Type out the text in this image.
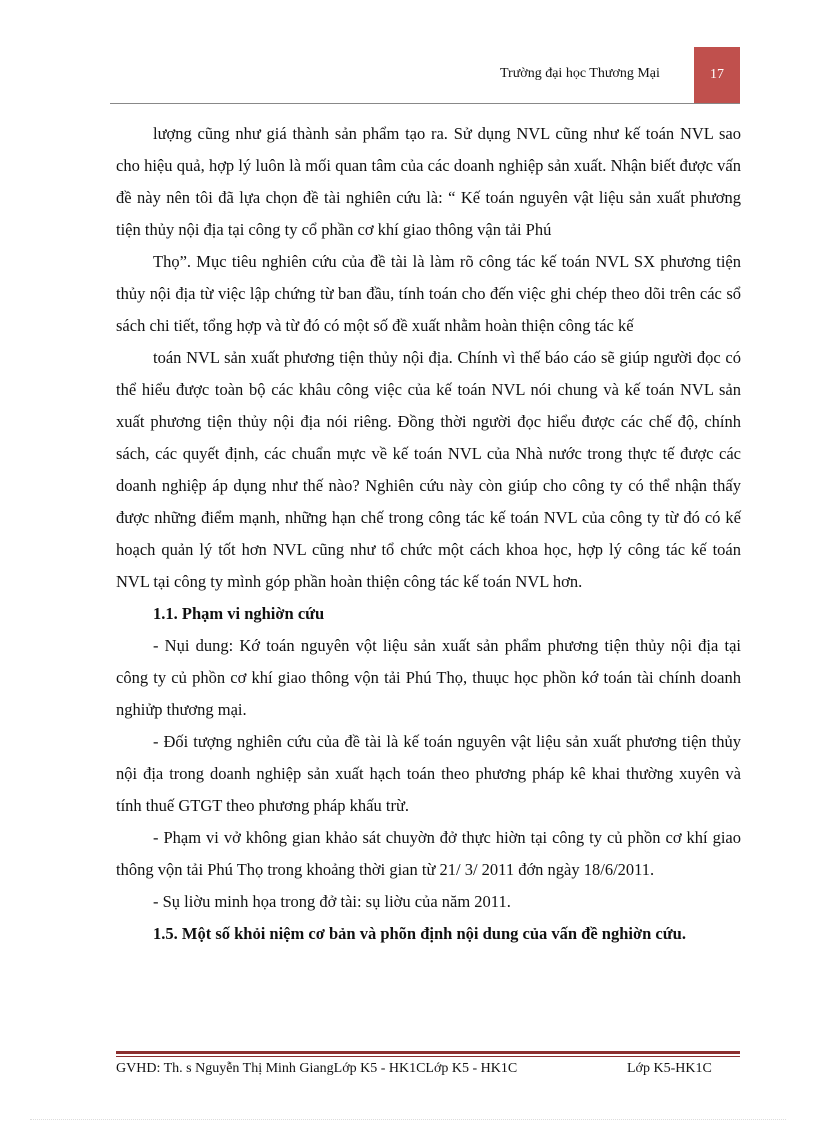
Trường đại học Thương Mại	17

lượng cũng như giá thành sản phẩm tạo ra. Sử dụng NVL cũng như kế toán NVL sao cho hiệu quả, hợp lý luôn là mối quan tâm của các doanh nghiệp sản xuất. Nhận biết được vấn đề này nên tôi đã lựa chọn đề tài nghiên cứu là: “ Kế toán nguyên vật liệu sản xuất phương tiện thủy nội địa tại công ty cổ phần cơ khí giao thông vận tải Phú

Thọ”. Mục tiêu nghiên cứu của đề tài là làm rõ công tác kế toán NVL SX phương tiện thủy nội địa từ việc lập chứng từ ban đầu, tính toán cho đến việc ghi chép theo dõi trên các sổ sách chi tiết, tổng hợp và từ đó có một số đề xuất nhằm hoàn thiện công tác kế

toán NVL sản xuất phương tiện thủy nội địa. Chính vì thế báo cáo sẽ giúp người đọc có thể hiểu được toàn bộ các khâu công việc của kế toán NVL nói chung và kế toán NVL sản xuất phương tiện thủy nội địa nói riêng. Đồng thời người đọc hiểu được các chế độ, chính sách, các quyết định, các chuẩn mực về kế toán NVL của Nhà nước trong thực tế được các doanh nghiệp áp dụng như thế nào? Nghiên cứu này còn giúp cho công ty có thể nhận thấy được những điểm mạnh, những hạn chế trong công tác kế toán NVL của công ty từ đó có kế hoạch quản lý tốt hơn NVL cũng như tổ chức một cách khoa học, hợp lý công tác kế toán NVL tại công ty mình góp phần hoàn thiện công tác kế toán NVL hơn.

1.1. Phạm vi nghiờn cứu

- Nụi dung: Kớ toán nguyên vột liệu sản xuất sản phẩm phương tiện thủy nội địa tại công ty củ phồn cơ khí giao thông vộn tải Phú Thọ, thuục học phồn kớ toán tài chính doanh nghiửp thương mại.

- Đối tượng nghiên cứu của đề tài là kế toán nguyên vật liệu sản xuất phương tiện thủy nội địa trong doanh nghiệp sản xuất hạch toán theo phương pháp kê khai thường xuyên và tính thuế GTGT theo phương pháp khấu trừ.

- Phạm vi vở không gian khảo sát chuyờn đở thực hiờn tại công ty củ phồn cơ khí giao thông vộn tải Phú Thọ trong khoảng thời gian từ 21/ 3/ 2011 đớn ngày 18/6/2011.

- Sụ liờu minh họa trong đở tài: sụ liờu của năm 2011.

1.5. Một số khỏi niệm cơ bản và phõn định nội dung của vấn đề nghiờn cứu.

GVHD: Th. s Nguyễn Thị Minh GiangLớp K5 - HK1CLớp K5 - HK1C	Lớp K5-HK1C
